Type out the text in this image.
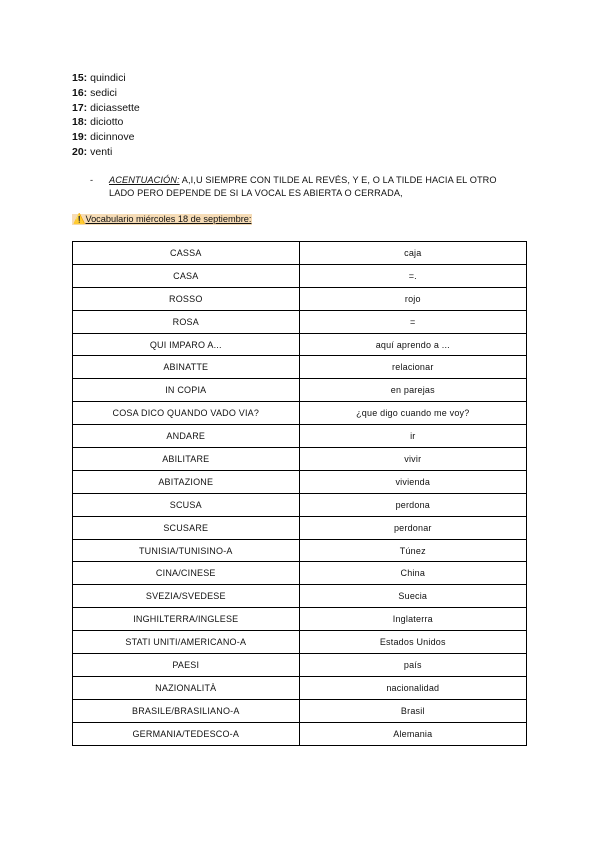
15: quindici
16: sedici
17: diciassette
18: diciotto
19: dicinnove
20: venti
- ACENTUACIÓN: A,I,U SIEMPRE CON TILDE AL REVÉS, Y E, O LA TILDE HACIA EL OTRO LADO PERO DEPENDE DE SI LA VOCAL ES ABIERTA O CERRADA,
⚠️Vocabulario miércoles 18 de septiembre:
CASSA	caja
CASA	=.
ROSSO	rojo
ROSA	=
QUI IMPARO A...	aquí aprendo a ...
ABINATTE	relacionar
IN COPIA	en parejas
COSA DICO QUANDO VADO VIA?	¿que digo cuando me voy?
ANDARE	ir
ABILITARE	vivir
ABITAZIONE	vivienda
SCUSA	perdona
SCUSARE	perdonar
TUNISIA/TUNISINO-A	Túnez
CINA/CINESE	China
SVEZIA/SVEDESE	Suecia
INGHILTERRA/INGLESE	Inglaterra
STATI UNITI/AMERICANO-A	Estados Unidos
PAESI	país
NAZIONALITÀ	nacionalidad
BRASILE/BRASILIANO-A	Brasil
GERMANIA/TEDESCO-A	Alemania
